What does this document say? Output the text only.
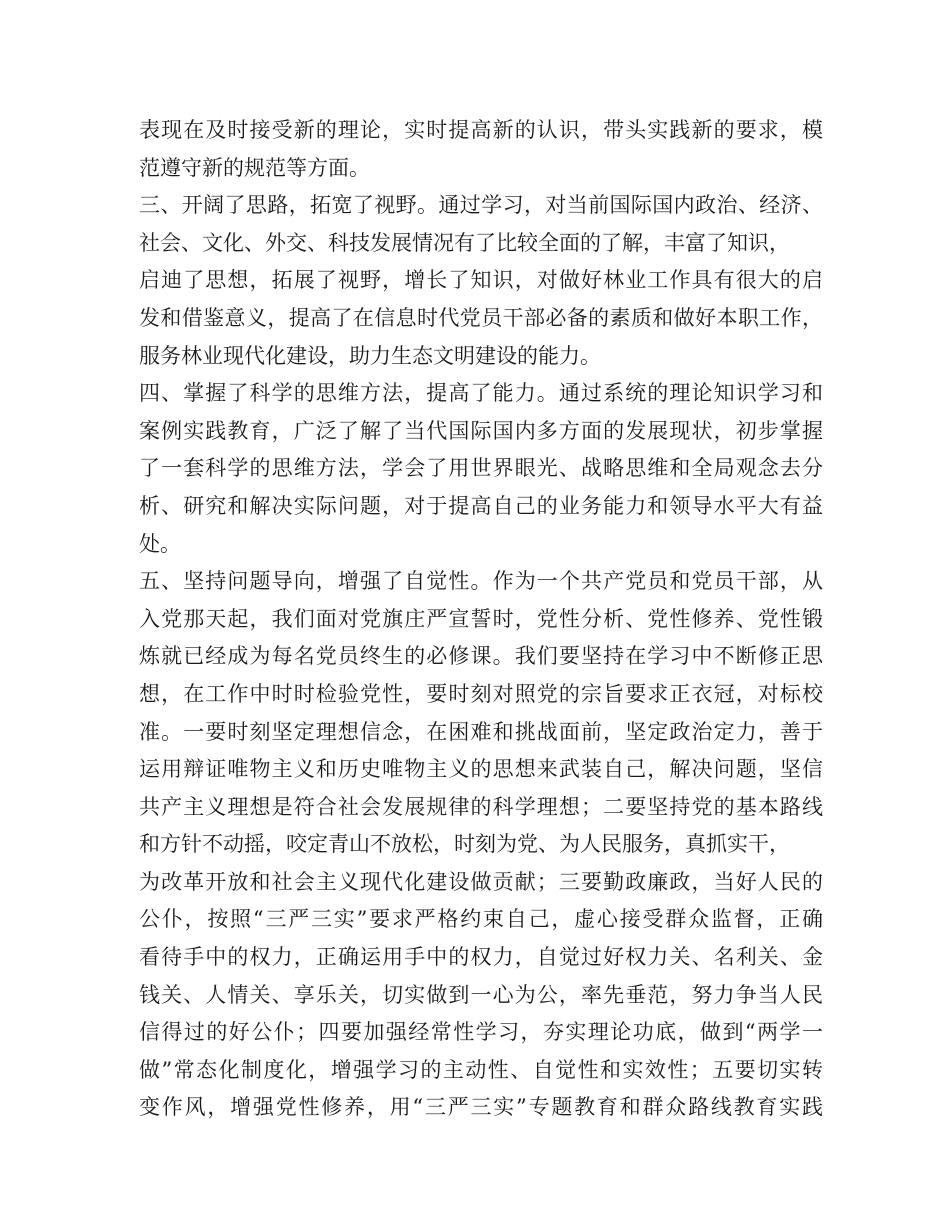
表现在及时接受新的理论，实时提高新的认识，带头实践新的要求，模
范遵守新的规范等方面。
三、开阔了思路，拓宽了视野。通过学习，对当前国际国内政治、经济、
社会、文化、外交、科技发展情况有了比较全面的了解，丰富了知识，
启迪了思想，拓展了视野，增长了知识，对做好林业工作具有很大的启
发和借鉴意义，提高了在信息时代党员干部必备的素质和做好本职工作，
服务林业现代化建设，助力生态文明建设的能力。
四、掌握了科学的思维方法，提高了能力。通过系统的理论知识学习和
案例实践教育，广泛了解了当代国际国内多方面的发展现状，初步掌握
了一套科学的思维方法，学会了用世界眼光、战略思维和全局观念去分
析、研究和解决实际问题，对于提高自己的业务能力和领导水平大有益
处。
五、坚持问题导向，增强了自觉性。作为一个共产党员和党员干部，从
入党那天起，我们面对党旗庄严宣誓时，党性分析、党性修养、党性锻
炼就已经成为每名党员终生的必修课。我们要坚持在学习中不断修正思
想，在工作中时时检验党性，要时刻对照党的宗旨要求正衣冠，对标校
准。一要时刻坚定理想信念，在困难和挑战面前，坚定政治定力，善于
运用辩证唯物主义和历史唯物主义的思想来武装自己，解决问题，坚信
共产主义理想是符合社会发展规律的科学理想；二要坚持党的基本路线
和方针不动摇，咬定青山不放松，时刻为党、为人民服务，真抓实干，
为改革开放和社会主义现代化建设做贡献；三要勤政廉政，当好人民的
公仆，按照“三严三实”要求严格约束自己，虚心接受群众监督，正确
看待手中的权力，正确运用手中的权力，自觉过好权力关、名利关、金
钱关、人情关、享乐关，切实做到一心为公，率先垂范，努力争当人民
信得过的好公仆；四要加强经常性学习，夯实理论功底，做到“两学一
做”常态化制度化，增强学习的主动性、自觉性和实效性；五要切实转
变作风，增强党性修养，用“三严三实”专题教育和群众路线教育实践
